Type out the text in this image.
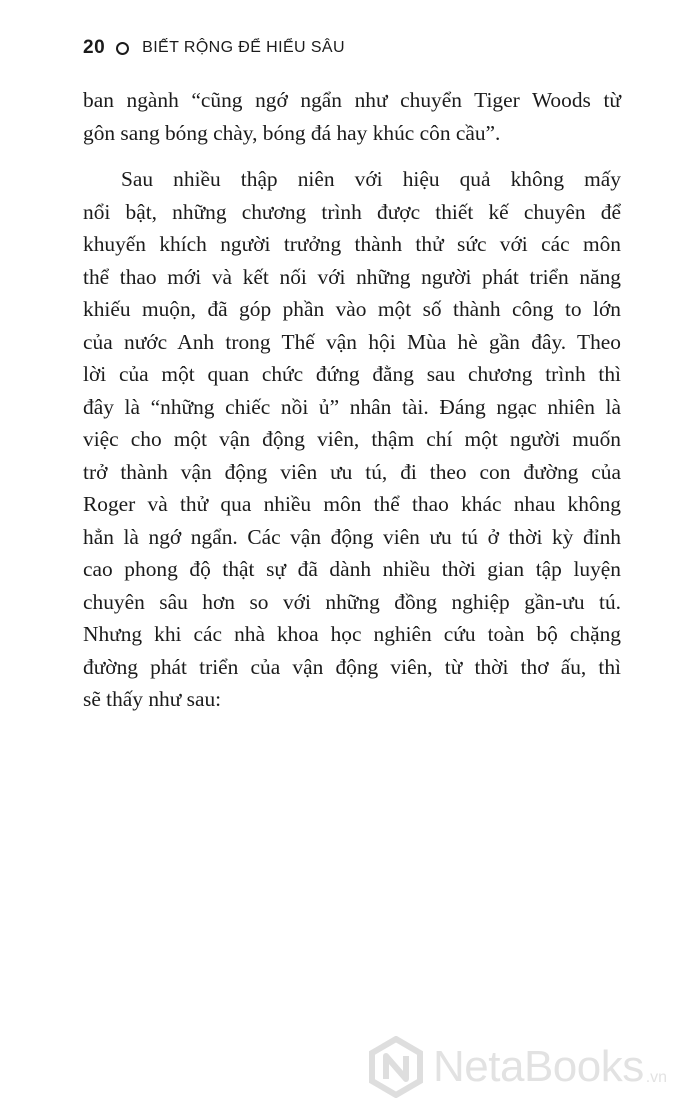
20 BIẾT RỘNG ĐỂ HIỂU SÂU
ban ngành “cũng ngớ ngẩn như chuyển Tiger Woods từ
gôn sang bóng chày, bóng đá hay khúc côn cầu”.
Sau nhiều thập niên với hiệu quả không mấy
nổi bật, những chương trình được thiết kế chuyên để
khuyến khích người trưởng thành thử sức với các môn
thể thao mới và kết nối với những người phát triển năng
khiếu muộn, đã góp phần vào một số thành công to lớn
của nước Anh trong Thế vận hội Mùa hè gần đây. Theo
lời của một quan chức đứng đằng sau chương trình thì
đây là “những chiếc nồi ủ” nhân tài. Đáng ngạc nhiên là
việc cho một vận động viên, thậm chí một người muốn
trở thành vận động viên ưu tú, đi theo con đường của
Roger và thử qua nhiều môn thể thao khác nhau không
hẳn là ngớ ngẩn. Các vận động viên ưu tú ở thời kỳ đỉnh
cao phong độ thật sự đã dành nhiều thời gian tập luyện
chuyên sâu hơn so với những đồng nghiệp gần-ưu tú.
Nhưng khi các nhà khoa học nghiên cứu toàn bộ chặng
đường phát triển của vận động viên, từ thời thơ ấu, thì
sẽ thấy như sau:
NetaBooks .vn
